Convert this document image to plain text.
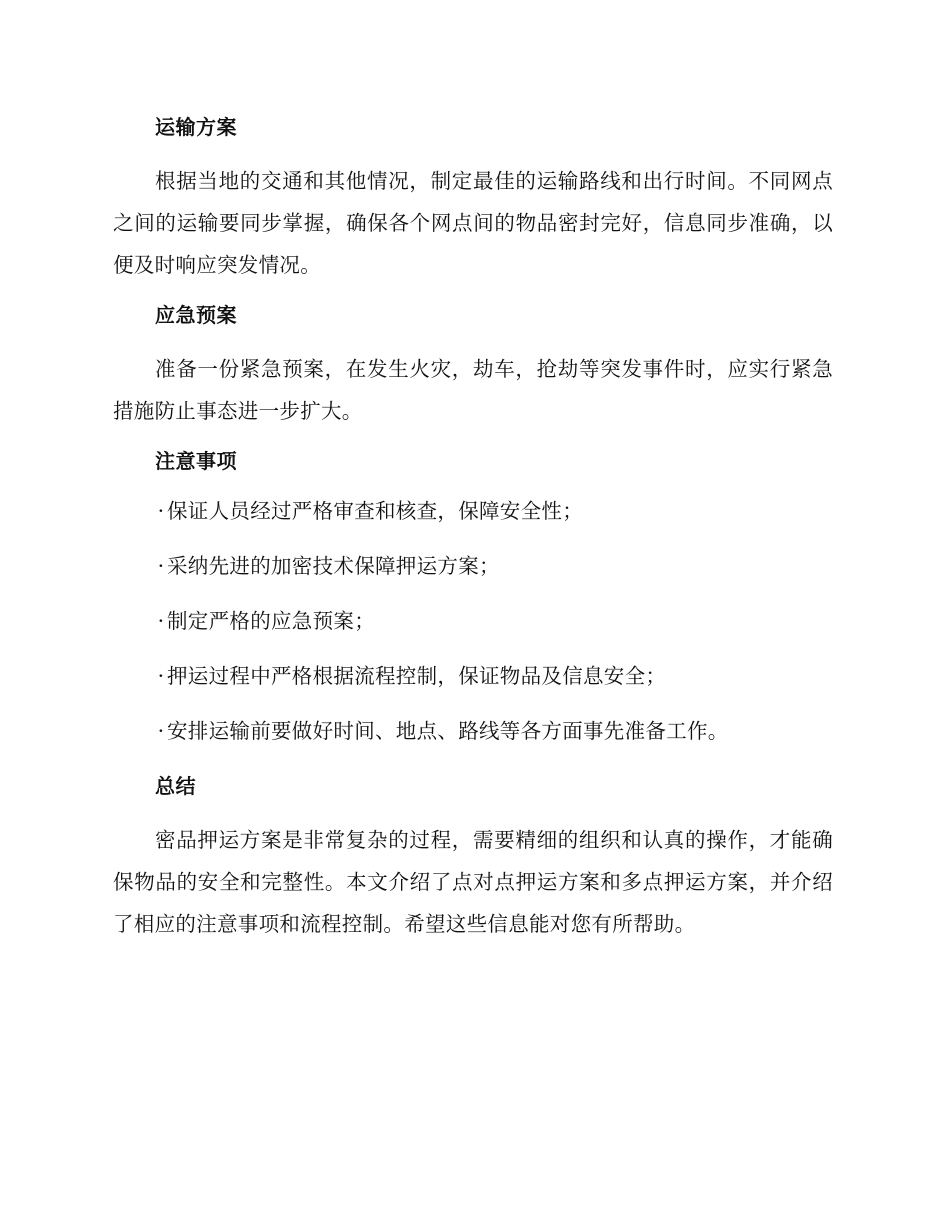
运输方案

根据当地的交通和其他情况，制定最佳的运输路线和出行时间。不同网点之间的运输要同步掌握，确保各个网点间的物品密封完好，信息同步准确，以便及时响应突发情况。

应急预案

准备一份紧急预案，在发生火灾，劫车，抢劫等突发事件时，应实行紧急措施防止事态进一步扩大。

注意事项
· 保证人员经过严格审查和核查，保障安全性；
· 采纳先进的加密技术保障押运方案；
· 制定严格的应急预案；
· 押运过程中严格根据流程控制，保证物品及信息安全；
· 安排运输前要做好时间、地点、路线等各方面事先准备工作。
总结

密品押运方案是非常复杂的过程，需要精细的组织和认真的操作，才能确保物品的安全和完整性。本文介绍了点对点押运方案和多点押运方案，并介绍了相应的注意事项和流程控制。希望这些信息能对您有所帮助。
